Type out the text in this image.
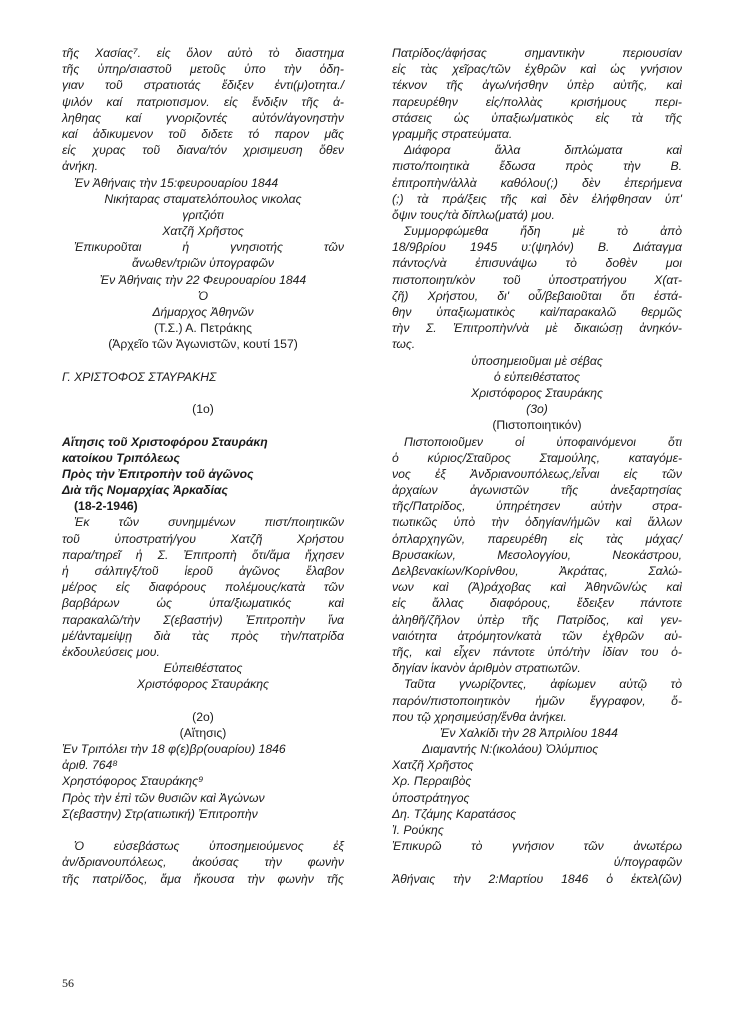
τῆς Χασίας⁷. εἰς ὅλον αὐτὸ τὸ διαστημα
τῆς ὑπηρ/σιαστοῦ μετοῦς ὑπο τὴν ὁδη-
γιαν τοῦ στρατιοτάς ἔδιξεν ἐντι(μ)οτητα./
ψιλόν καί πατριοτισμον. εἰς ἔνδιξιν τῆς ἀ-
ληθηας καί γνοριζοντές αὐτόν/ἀγονηστὴν
καί ἀδικυμενον τοῦ διδετε τό παρον μᾶς
εἰς χυρας τοῦ διανα/τόν χρισιμευση ὅθεν
ἀνήκη.
Ἐν Ἀθήναις τὴν 15:φευρουαρίου 1844
Νικήταρας σταματελόπουλος νικολας
γριτζιότι
Χατζῆ Χρῆστος
Ἐπικυροῦται ἡ γνησιοτής τῶν
ἄνωθεν/τριῶν ὑπογραφῶν
Ἐν Ἀθήναις τὴν 22 Φευρουαρίου 1844
Ὁ
Δήμαρχος Ἀθηνῶν
(Τ.Σ.) Α. Πετράκης
(Ἀρχεῖο τῶν Ἀγωνιστῶν, κουτί 157)
Γ. ΧΡΙΣΤΟΦΟΣ ΣΤΑΥΡΑΚΗΣ
(1ο)
Αἴτησις τοῦ Χριστοφόρου Σταυράκη
κατοίκου Τριπόλεως
Πρὸς τὴν Ἐπιτροπὴν τοῦ ἀγῶνος
Διὰ τῆς Νομαρχίας Ἀρκαδίας
(18-2-1946)
Ἐκ τῶν συνημμένων πιστ/ποιητικῶν
τοῦ ὑποστρατή/γου Χατζῆ Χρήστου
παρα/τηρεῖ ἡ Σ. Ἐπιτροπὴ ὅτι/ἅμα ἤχησεν
ἡ σάλπιγξ/τοῦ ἱεροῦ ἀγῶνος ἔλαβον
μέ/ρος εἰς διαφόρους πολέμους/κατὰ τῶν
βαρβάρων ὡς ὑπα/ξιωματικός καὶ
παρακαλῶ/τὴν Σ(εβαστήν) Ἐπιτροπὴν ἵνα
μέ/ἀνταμείψῃ διὰ τὰς πρὸς τὴν/πατρίδα
ἐκδουλεύσεις μου.
Εὐπειθέστατος
Χριστόφορος Σταυράκης
(2ο)
(Αἴτησις)
Ἐν Τριπόλει τὴν 18 φ(ε)βρ(ουαρίου) 1846
ἀριθ. 764⁸
Χρηστόφορος Σταυράκης⁹
Πρὸς τὴν ἐπὶ τῶν θυσιῶν καὶ Ἀγώνων
Σ(εβαστην) Στρ(ατιωτική) Ἐπιτροπὴν
Ὁ εὐσεβάστως ὑποσημειούμενος ἐξ
ἀν/δριανουπόλεως, ἀκούσας τὴν φωνὴν
τῆς πατρί/δος, ἅμα ἤκουσα τὴν φωνὴν τῆς
Πατρίδος/ἀφήσας σημαντικὴν περιουσίαν
εἰς τὰς χεῖρας/τῶν ἐχθρῶν καὶ ὡς γνήσιον
τέκνον τῆς ἀγω/νήσθην ὑπὲρ αὐτῆς, καὶ
παρευρέθην εἰς/πολλὰς κρισήμους περι-
στάσεις ὡς ὑπαξιω/ματικὸς εἰς τὰ τῆς
γραμμῆς στρατεύματα.
Διάφορα ἄλλα διπλώματα καὶ
πιστο/ποιητικὰ ἔδωσα πρὸς τὴν Β.
ἐπιτροπὴν/ἀλλὰ καθόλου(;) δὲν ἐπερήμενα
(;) τὰ πρά/ξεις τῆς καὶ δὲν ἐλήφθησαν ὑπ'
ὄψιν τους/τὰ δίπλω(ματά) μου.
Συμμορφώμεθα ἤδη μὲ τὸ ἀπὸ
18/9βρίου 1945 υ:(ψηλόν) Β. Διάταγμα
πάντος/νὰ ἐπισυνάψω τὸ δοθὲν μοι
πιστοποιητι/κὸν τοῦ ὑποστρατήγου Χ(ατ-
ζῆ) Χρήστου, δι' οὗ/βεβαιοῦται ὅτι ἐστά-
θην ὑπαξιωματικὸς καὶ/παρακαλῶ θερμῶς
τὴν Σ. Ἐπιτροπὴν/νὰ μὲ δικαιώσῃ ἀνηκόν-
τως.
ὑποσημειοῦμαι μὲ σέβας
ὁ εὐπειθέστατος
Χριστόφορος Σταυράκης
(3ο)
(Πιστοποιητικόν)
Πιστοποιοῦμεν οἱ ὑποφαινόμενοι ὅτι
ὁ κύριος/Σταῦρος Σταμούλης, καταγόμε-
νος ἐξ Ἀνδριανουπόλεως,/εἶναι εἰς τῶν
ἀρχαίων ἀγωνιστῶν τῆς ἀνεξαρτησίας
τῆς/Πατρίδος, ὑπηρέτησεν αὐτὴν στρα-
τιωτικῶς ὑπὸ τὴν ὁδηγίαν/ἡμῶν καὶ ἄλλων
ὁπλαρχηγῶν, παρευρέθη εἰς τὰς μάχας/
Βρυσακίων, Μεσολογγίου, Νεοκάστρου,
Δελβενακίων/Κορίνθου, Ἀκράτας, Σαλώ-
νων καὶ (Ἀ)ράχοβας καὶ Ἀθηνῶν/ὡς καὶ
εἰς ἄλλας διαφόρους, ἔδειξεν πάντοτε
ἀληθῆ/ζῆλον ὑπὲρ τῆς Πατρίδος, καὶ γεν-
ναιότητα ἀτρόμητον/κατὰ τῶν ἐχθρῶν αὐ-
τῆς, καὶ εἶχεν πάντοτε ὑπό/τὴν ἰδίαν του ὁ-
δηγίαν ἱκανὸν ἀριθμὸν στρατιωτῶν.
Ταῦτα γνωρίζοντες, ἀφίωμεν αὐτῷ τὸ
παρόν/πιστοποιητικὸν ἡμῶν ἔγγραφον, ὅ-
που τῷ χρησιμεύσῃ/ἔνθα ἀνήκει.
Ἐν Χαλκίδι τὴν 28 Ἀπριλίου 1844
Διαμαντής Ν:(ικολάου) Ὀλύμπιος
Χατζῆ Χρῆστος
Χρ. Περραιβὸς
ὑποστράτηγος
Δη. Τζάμης Καρατάσος
Ἰ. Ρούκης
Ἐπικυρῶ τὸ γνήσιον τῶν ἀνωτέρω
ὑ/πογραφῶν
Ἀθήναις τὴν 2:Μαρτίου 1846 ὁ ἐκτελ(ῶν)
56
